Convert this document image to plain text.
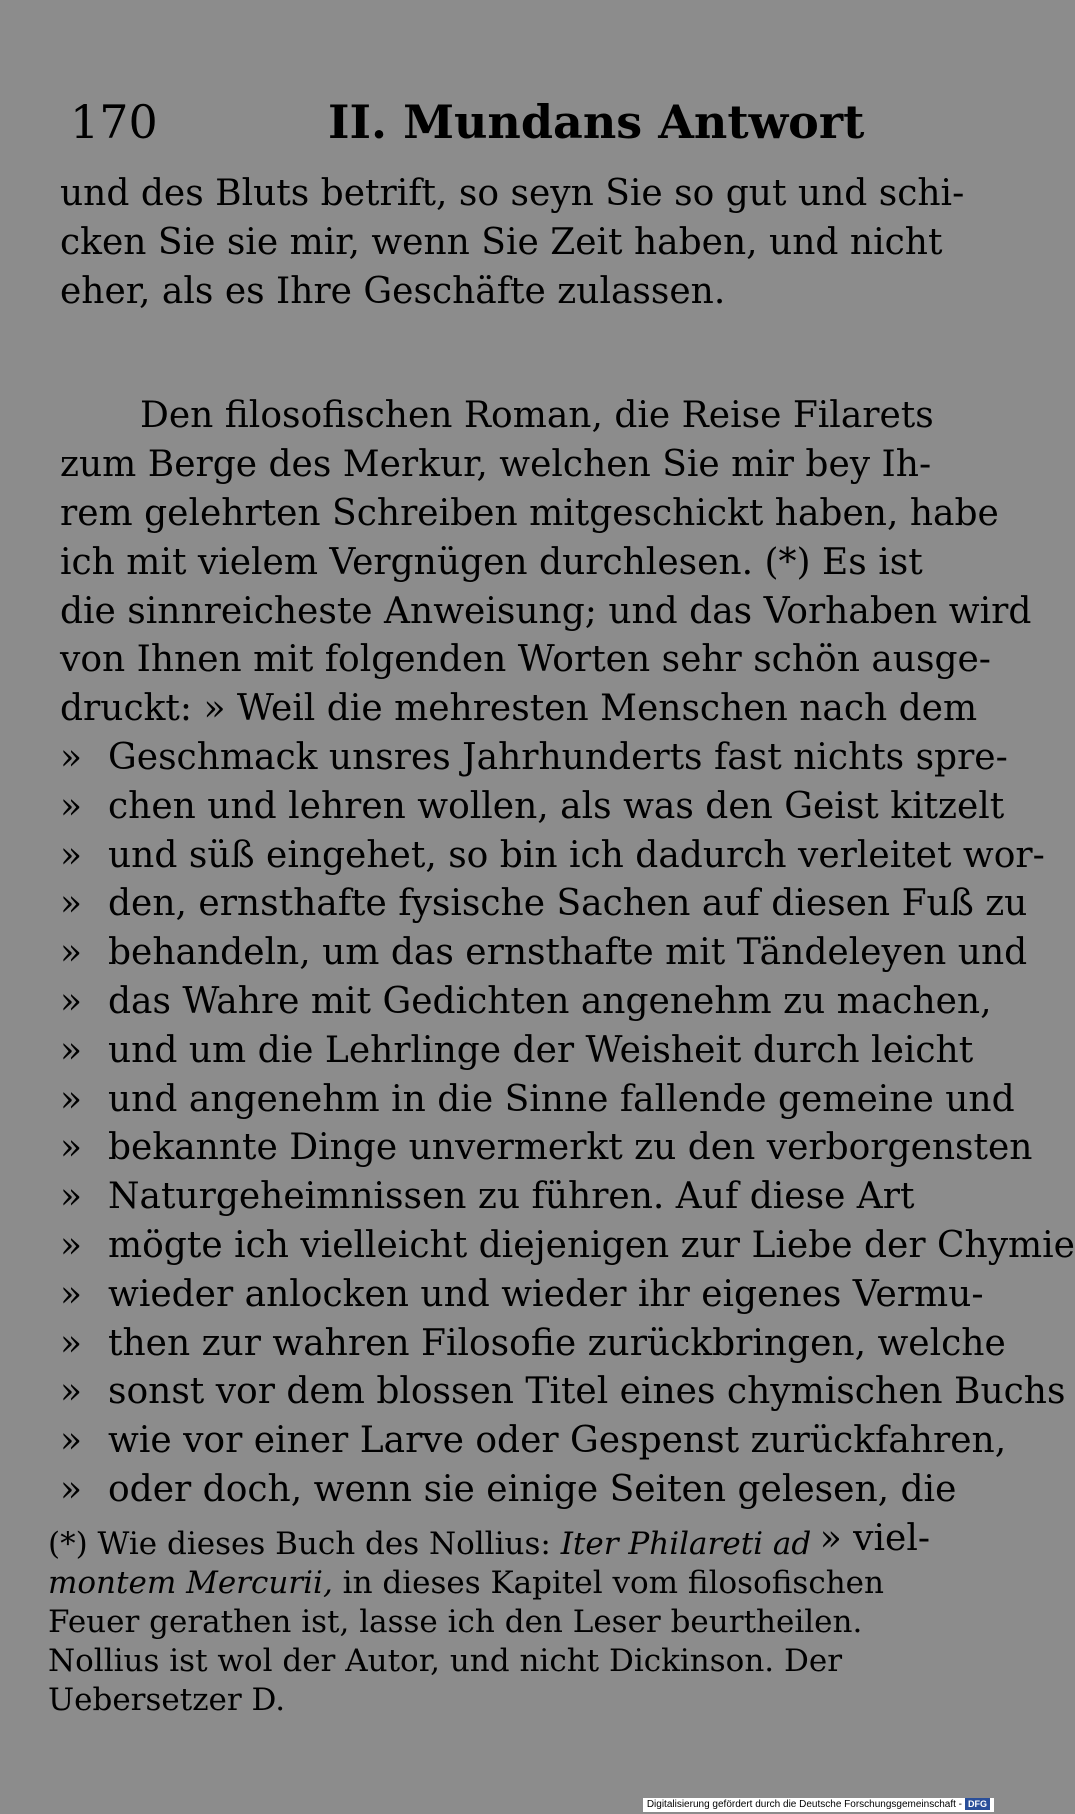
170	II. Mundans Antwort
und des Bluts betrift, so seyn Sie so gut und schi-
cken Sie sie mir, wenn Sie Zeit haben, und nicht
eher, als es Ihre Geschäfte zulassen.
Den filosofischen Roman, die Reise Filarets
zum Berge des Merkur, welchen Sie mir bey Ih-
rem gelehrten Schreiben mitgeschickt haben, habe
ich mit vielem Vergnügen durchlesen. (*) Es ist
die sinnreicheste Anweisung; und das Vorhaben wird
von Ihnen mit folgenden Worten sehr schön ausge-
druckt: » Weil die mehresten Menschen nach dem
» Geschmack unsres Jahrhunderts fast nichts spre-
» chen und lehren wollen, als was den Geist kitzelt
» und süß eingehet, so bin ich dadurch verleitet wor-
» den, ernsthafte fysische Sachen auf diesen Fuß zu
» behandeln, um das ernsthafte mit Tändeleyen und
» das Wahre mit Gedichten angenehm zu machen,
» und um die Lehrlinge der Weisheit durch leicht
» und angenehm in die Sinne fallende gemeine und
» bekannte Dinge unvermerkt zu den verborgensten
» Naturgeheimnissen zu führen. Auf diese Art
» mögte ich vielleicht diejenigen zur Liebe der Chymie
» wieder anlocken und wieder ihr eigenes Vermu-
» then zur wahren Filosofie zurückbringen, welche
» sonst vor dem blossen Titel eines chymischen Buchs
» wie vor einer Larve oder Gespenst zurückfahren,
» oder doch, wenn sie einige Seiten gelesen, die
» viel-
(*) Wie dieses Buch des Nollius: Iter Philareti ad
montem Mercurii, in dieses Kapitel vom filosofischen
Feuer gerathen ist, lasse ich den Leser beurtheilen.
Nollius ist wol der Autor, und nicht Dickinson. Der
Uebersetzer D.
Digitalisierung gefördert durch die Deutsche Forschungsgemeinschaft - DFG
